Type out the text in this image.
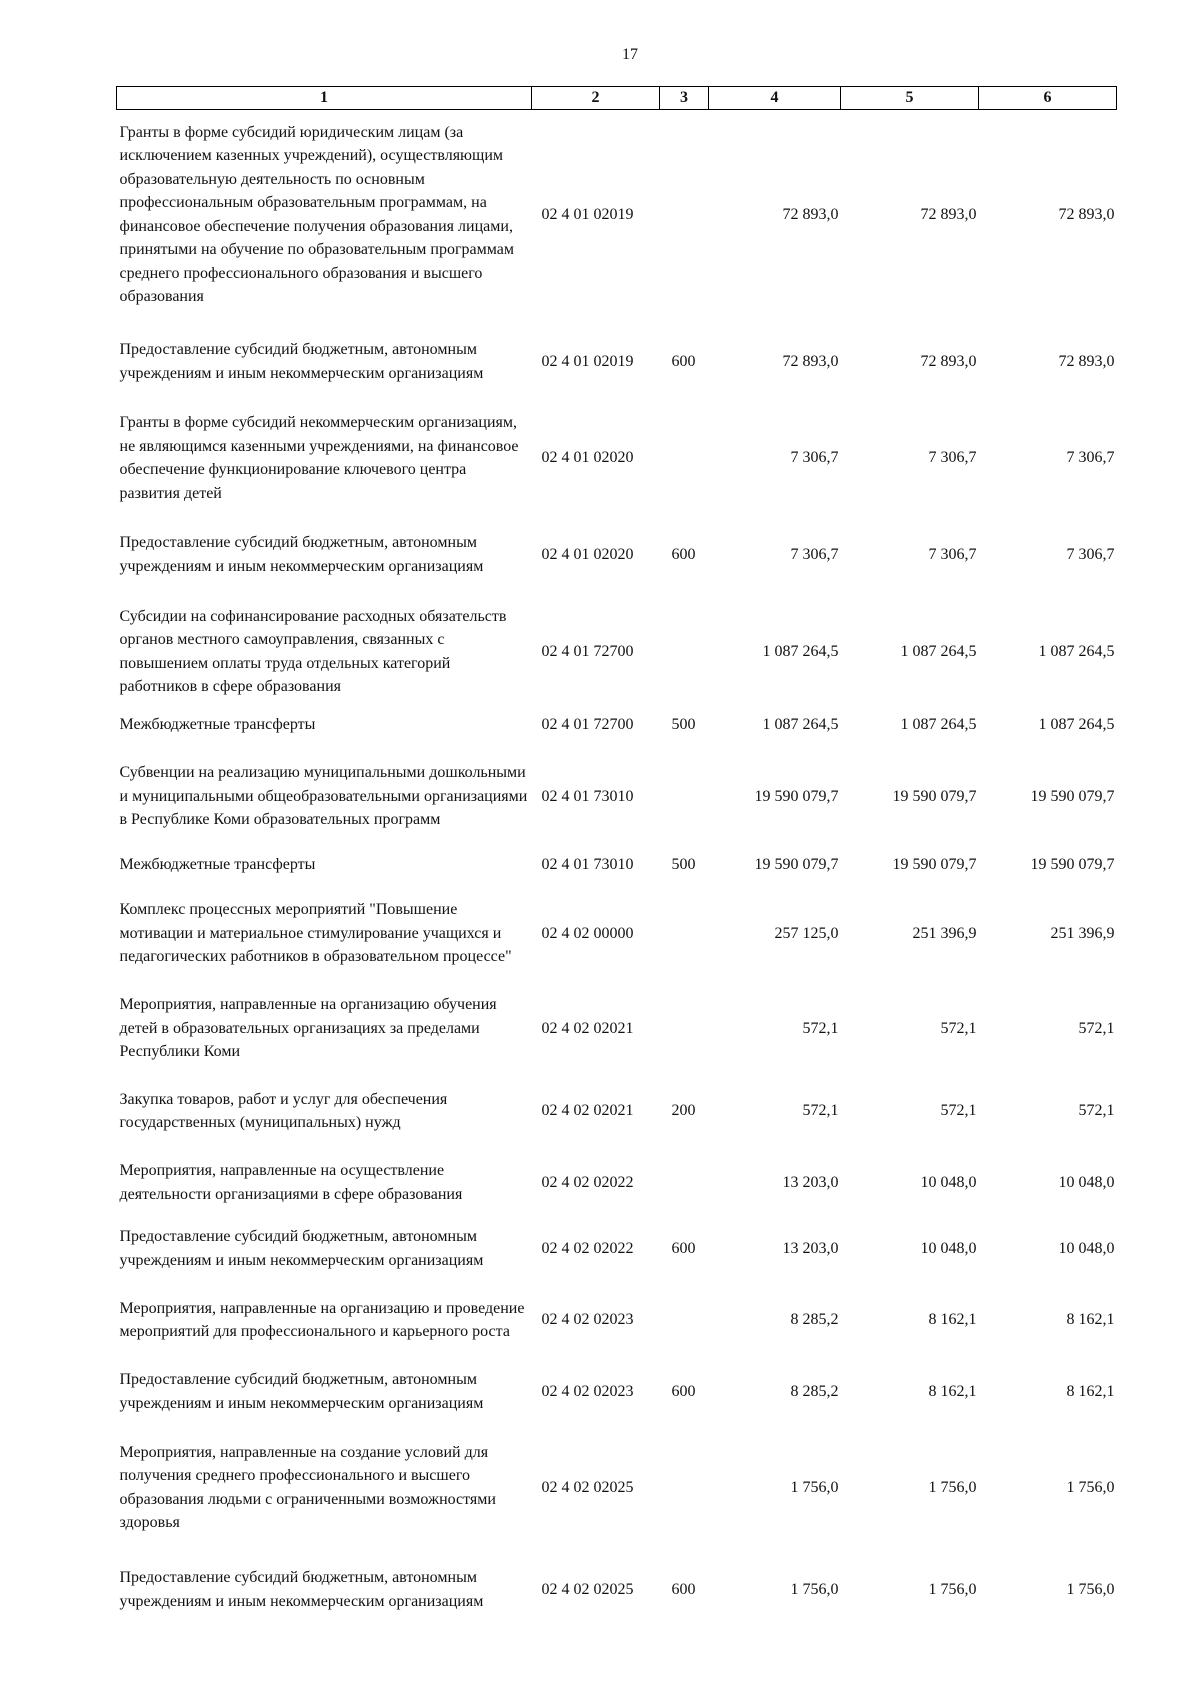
17
1	2	3	4	5	6
Гранты в форме субсидий юридическим лицам (за исключением казенных учреждений), осуществляющим образовательную деятельность по основным профессиональным образовательным программам, на финансовое обеспечение получения образования лицами, принятыми на обучение по образовательным программам среднего профессионального образования и высшего образования	02 4 01 02019		72 893,0	72 893,0	72 893,0
Предоставление субсидий бюджетным, автономным учреждениям и иным некоммерческим организациям	02 4 01 02019	600	72 893,0	72 893,0	72 893,0
Гранты в форме субсидий некоммерческим организациям, не являющимся казенными учреждениями, на финансовое обеспечение функционирование ключевого центра развития детей	02 4 01 02020		7 306,7	7 306,7	7 306,7
Предоставление субсидий бюджетным, автономным учреждениям и иным некоммерческим организациям	02 4 01 02020	600	7 306,7	7 306,7	7 306,7
Субсидии на софинансирование расходных обязательств органов местного самоуправления, связанных с повышением оплаты труда отдельных категорий работников в сфере образования	02 4 01 72700		1 087 264,5	1 087 264,5	1 087 264,5
Межбюджетные трансферты	02 4 01 72700	500	1 087 264,5	1 087 264,5	1 087 264,5
Субвенции на реализацию муниципальными дошкольными и муниципальными общеобразовательными организациями в Республике Коми образовательных программ	02 4 01 73010		19 590 079,7	19 590 079,7	19 590 079,7
Межбюджетные трансферты	02 4 01 73010	500	19 590 079,7	19 590 079,7	19 590 079,7
Комплекс процессных мероприятий "Повышение мотивации и материальное стимулирование учащихся и педагогических работников в образовательном процессе"	02 4 02 00000		257 125,0	251 396,9	251 396,9
Мероприятия, направленные на организацию обучения детей в образовательных организациях за пределами Республики Коми	02 4 02 02021		572,1	572,1	572,1
Закупка товаров, работ и услуг для обеспечения государственных (муниципальных) нужд	02 4 02 02021	200	572,1	572,1	572,1
Мероприятия, направленные на осуществление деятельности организациями в сфере образования	02 4 02 02022		13 203,0	10 048,0	10 048,0
Предоставление субсидий бюджетным, автономным учреждениям и иным некоммерческим организациям	02 4 02 02022	600	13 203,0	10 048,0	10 048,0
Мероприятия, направленные на организацию и проведение мероприятий для профессионального и карьерного роста	02 4 02 02023		8 285,2	8 162,1	8 162,1
Предоставление субсидий бюджетным, автономным учреждениям и иным некоммерческим организациям	02 4 02 02023	600	8 285,2	8 162,1	8 162,1
Мероприятия, направленные на создание условий для получения среднего профессионального и высшего образования людьми с ограниченными возможностями здоровья	02 4 02 02025		1 756,0	1 756,0	1 756,0
Предоставление субсидий бюджетным, автономным учреждениям и иным некоммерческим организациям	02 4 02 02025	600	1 756,0	1 756,0	1 756,0
